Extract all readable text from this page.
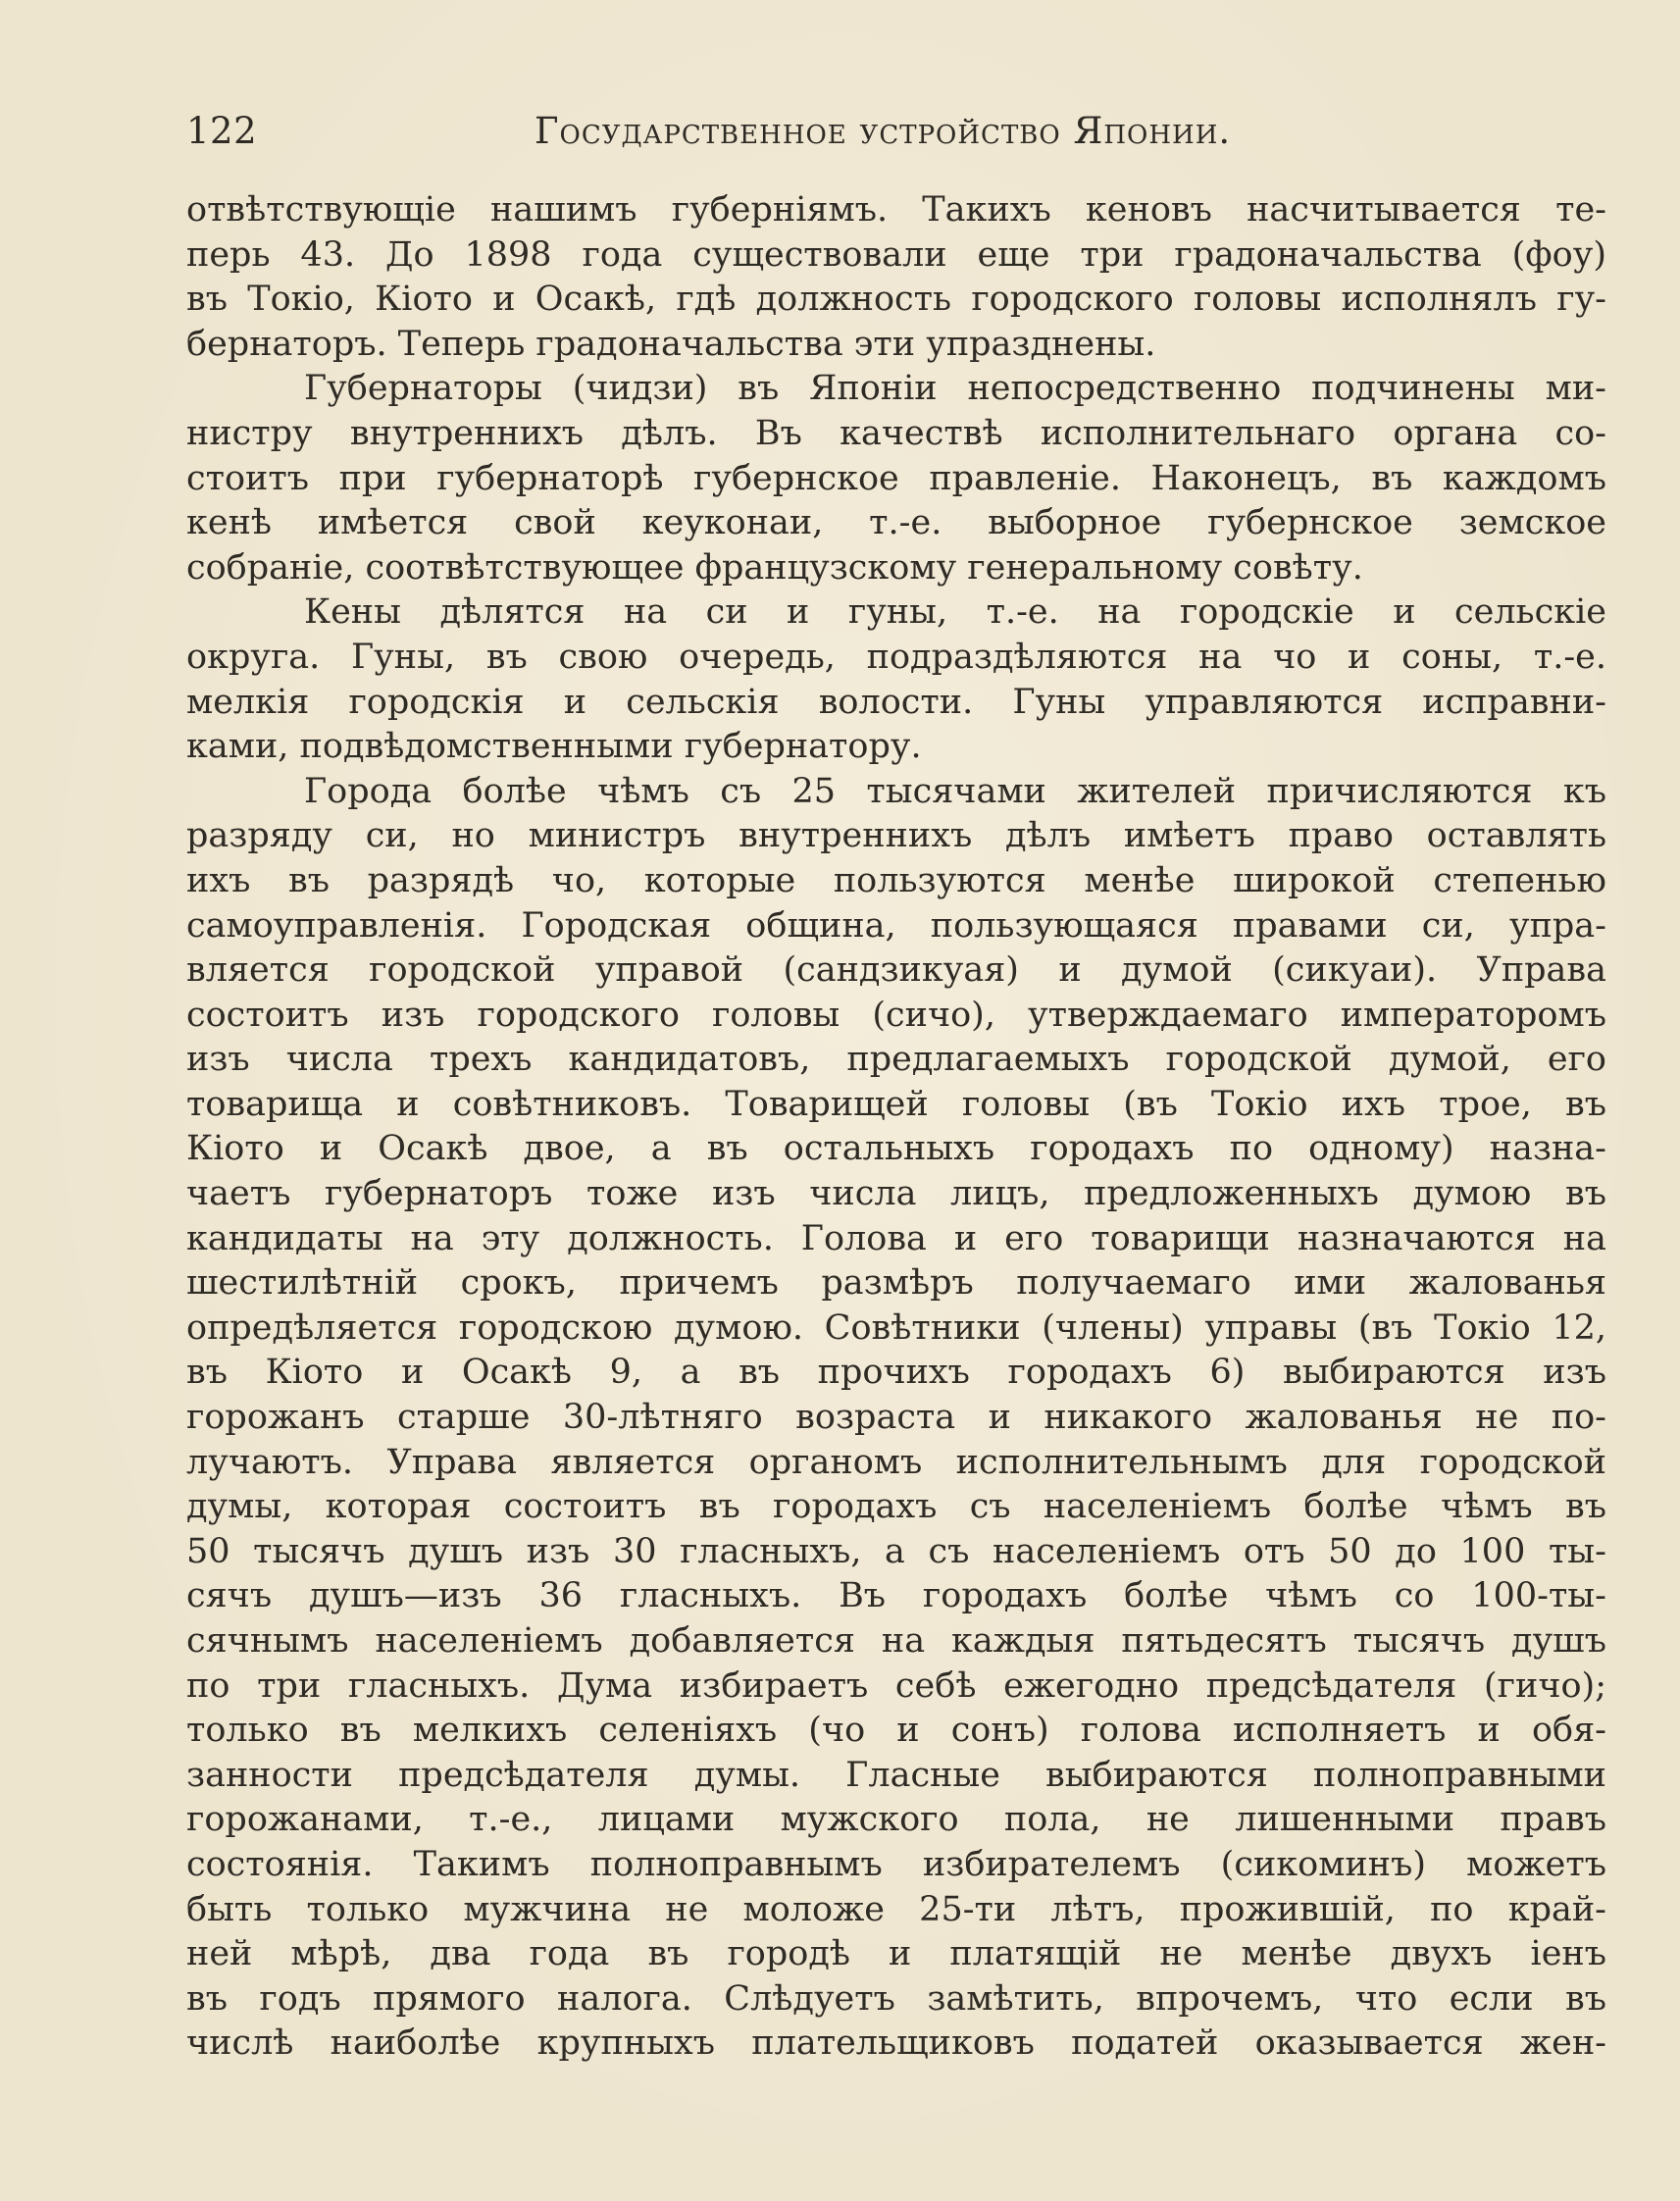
122	Государственное устройство Японии.
отвѣтствующіе нашимъ губерніямъ. Такихъ кеновъ насчитывается те-
перь 43. До 1898 года существовали еще три градоначальства (фоу)
въ Токіо, Кіото и Осакѣ, гдѣ должность городского головы исполнялъ гу-
бернаторъ. Теперь градоначальства эти упразднены.
Губернаторы (чидзи) въ Японіи непосредственно подчинены ми-
нистру внутреннихъ дѣлъ. Въ качествѣ исполнительнаго органа со-
стоитъ при губернаторѣ губернское правленіе. Наконецъ, въ каждомъ
кенѣ имѣется свой кеуконаи, т.-е. выборное губернское земское
собраніе, соотвѣтствующее французскому генеральному совѣту.
Кены дѣлятся на си и гуны, т.-е. на городскіе и сельскіе
округа. Гуны, въ свою очередь, подраздѣляются на чо и соны, т.-е.
мелкія городскія и сельскія волости. Гуны управляются исправни-
ками, подвѣдомственными губернатору.
Города болѣе чѣмъ съ 25 тысячами жителей причисляются къ
разряду си, но министръ внутреннихъ дѣлъ имѣетъ право оставлять
ихъ въ разрядѣ чо, которые пользуются менѣе широкой степенью
самоуправленія. Городская община, пользующаяся правами си, упра-
вляется городской управой (сандзикуая) и думой (сикуаи). Управа
состоитъ изъ городского головы (сичо), утверждаемаго императоромъ
изъ числа трехъ кандидатовъ, предлагаемыхъ городской думой, его
товарища и совѣтниковъ. Товарищей головы (въ Токіо ихъ трое, въ
Кіото и Осакѣ двое, а въ остальныхъ городахъ по одному) назна-
чаетъ губернаторъ тоже изъ числа лицъ, предложенныхъ думою въ
кандидаты на эту должность. Голова и его товарищи назначаются на
шестилѣтній срокъ, причемъ размѣръ получаемаго ими жалованья
опредѣляется городскою думою. Совѣтники (члены) управы (въ Токіо 12,
въ Кіото и Осакѣ 9, а въ прочихъ городахъ 6) выбираются изъ
горожанъ старше 30-лѣтняго возраста и никакого жалованья не по-
лучаютъ. Управа является органомъ исполнительнымъ для городской
думы, которая состоитъ въ городахъ съ населеніемъ болѣе чѣмъ въ
50 тысячъ душъ изъ 30 гласныхъ, а съ населеніемъ отъ 50 до 100 ты-
сячъ душъ—изъ 36 гласныхъ. Въ городахъ болѣе чѣмъ со 100-ты-
сячнымъ населеніемъ добавляется на каждыя пятьдесятъ тысячъ душъ
по три гласныхъ. Дума избираетъ себѣ ежегодно предсѣдателя (гичо);
только въ мелкихъ селеніяхъ (чо и сонъ) голова исполняетъ и обя-
занности предсѣдателя думы. Гласные выбираются полноправными
горожанами, т.-е., лицами мужского пола, не лишенными правъ
состоянія. Такимъ полноправнымъ избирателемъ (сикоминъ) можетъ
быть только мужчина не моложе 25-ти лѣтъ, прожившій, по край-
ней мѣрѣ, два года въ городѣ и платящій не менѣе двухъ іенъ
въ годъ прямого налога. Слѣдуетъ замѣтить, впрочемъ, что если въ
числѣ наиболѣе крупныхъ плательщиковъ податей оказывается жен-
